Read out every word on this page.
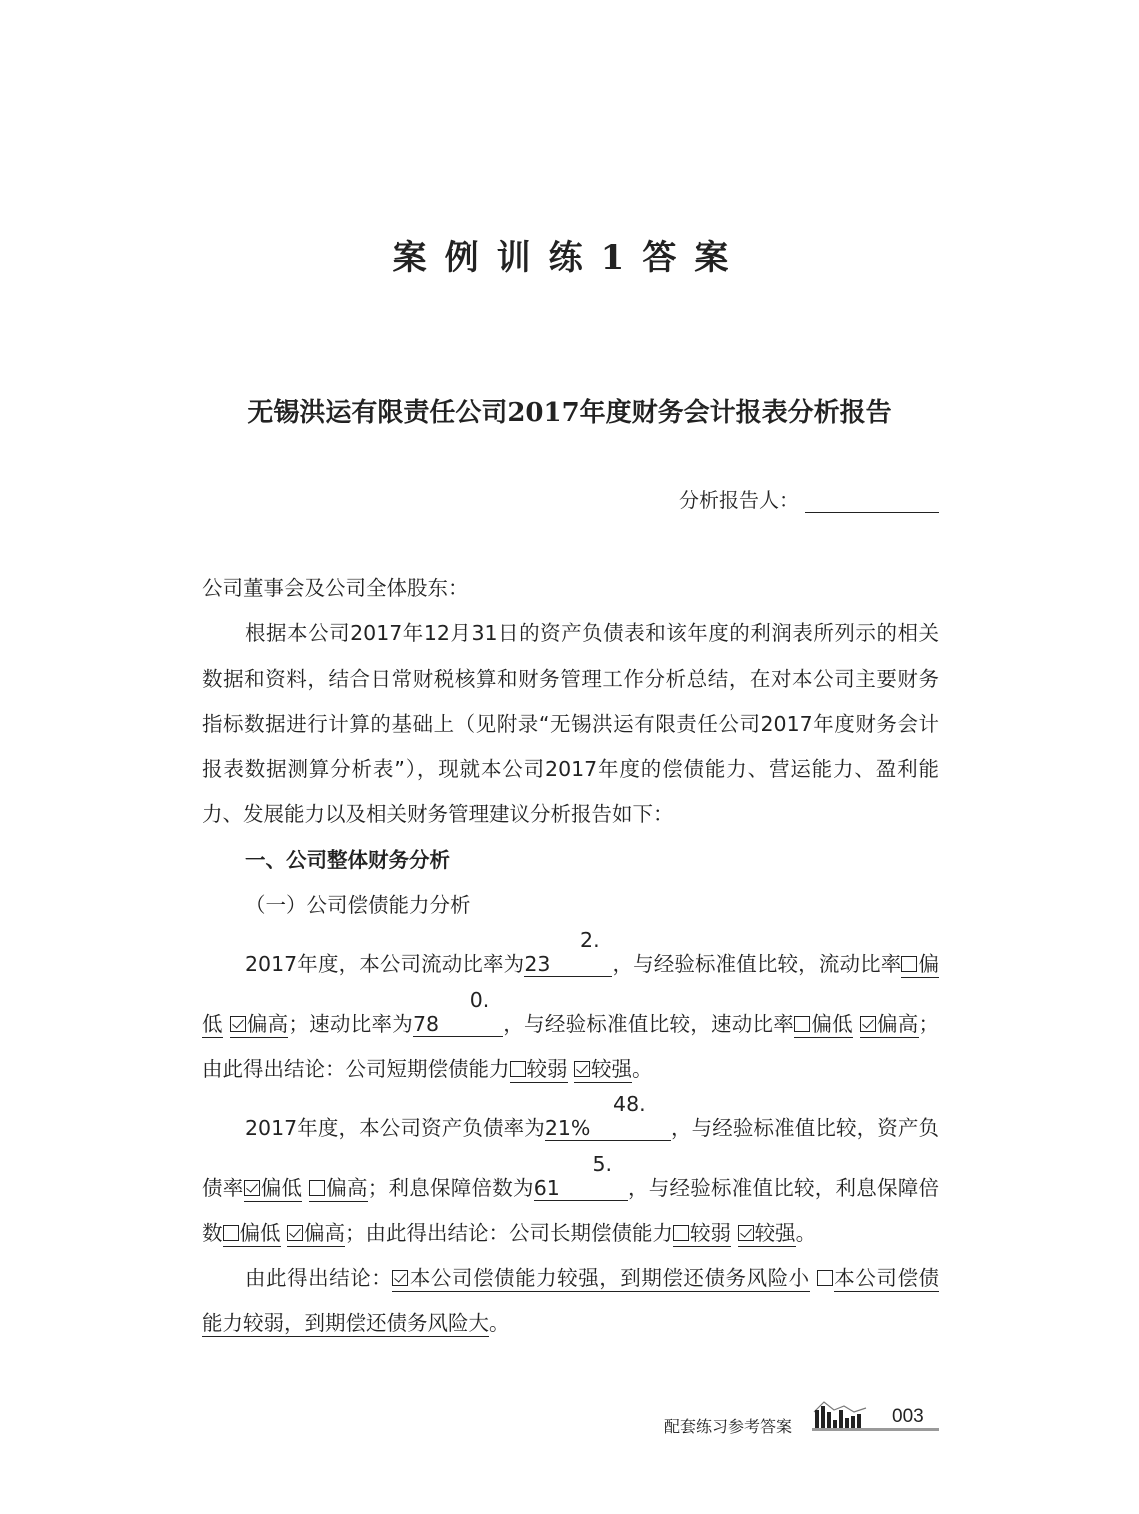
案例训练1答案
无锡洪运有限责任公司2017年度财务会计报表分析报告
分析报告人：

公司董事会及公司全体股东：

根据本公司2017年12月31日的资产负债表和该年度的利润表所列示的相关数据和资料，结合日常财税核算和财务管理工作分析总结，在对本公司主要财务指标数据进行计算的基础上（见附录“无锡洪运有限责任公司2017年度财务会计报表数据测算分析表”），现就本公司2017年度的偿债能力、营运能力、盈利能力、发展能力以及相关财务管理建议分析报告如下：

一、公司整体财务分析

（一）公司偿债能力分析

2017年度，本公司流动比率为2. 23	，与经验标准值比较，流动比率 偏低 偏高；速动比率为0. 78	，与经验标准值比较，速动比率 偏低 偏高；由此得出结论：公司短期偿债能力 较弱 较强。

2017年度，本公司资产负债率为48. 21%	，与经验标准值比较，资产负债率 偏低 偏高；利息保障倍数为5. 61	，与经验标准值比较，利息保障倍数 偏低 偏高；由此得出结论：公司长期偿债能力 较弱 较强。

由此得出结论： 本公司偿债能力较强，到期偿还债务风险小 本公司偿债能力较弱，到期偿还债务风险大。

配套练习参考答案	003
